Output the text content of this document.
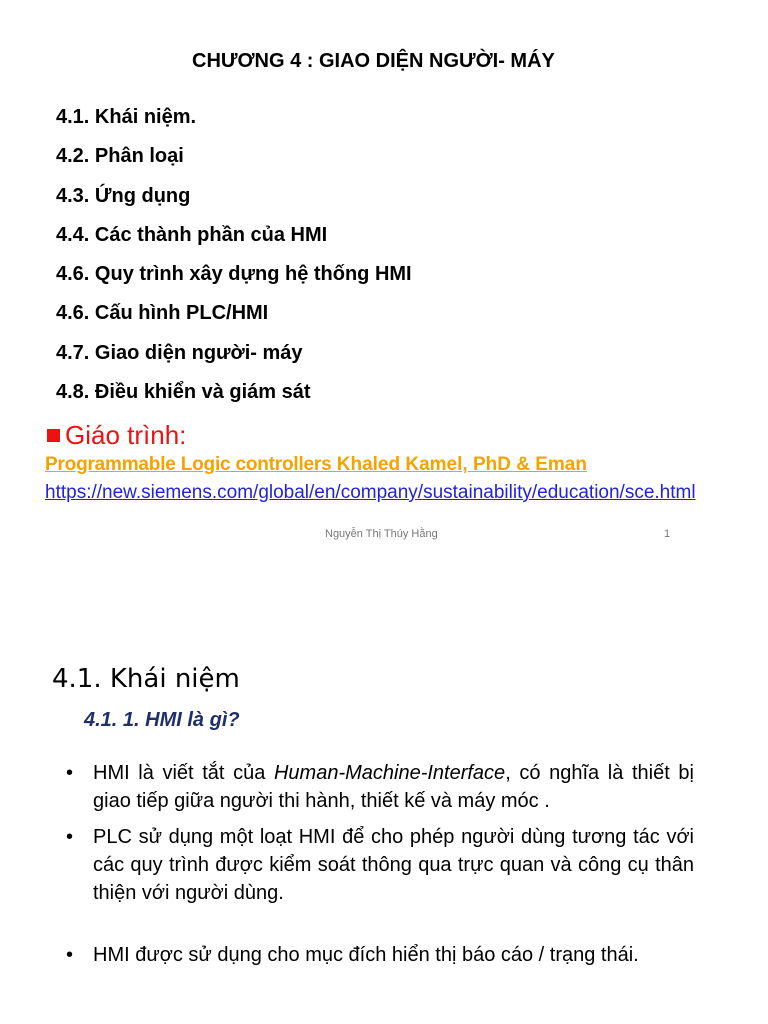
CHƯƠNG 4 : GIAO DIỆN NGƯỜI- MÁY
4.1. Khái niệm.
4.2. Phân loại
4.3. Ứng dụng
4.4. Các thành phần của HMI
4.6. Quy trình xây dựng hệ thống HMI
4.6. Cấu hình PLC/HMI
4.7. Giao diện người- máy
4.8. Điều khiển và giám sát
Giáo trình:
Programmable Logic controllers Khaled Kamel, PhD & Eman
https://new.siemens.com/global/en/company/sustainability/education/sce.html
Nguyễn Thị Thúy Hằng	1
4.1. Khái niệm
4.1. 1. HMI là gì?
• HMI là viết tắt của Human-Machine-Interface, có nghĩa là thiết bị giao tiếp giữa người thi hành, thiết kế và máy móc .
• PLC sử dụng một loạt HMI để cho phép người dùng tương tác với các quy trình được kiểm soát thông qua trực quan và công cụ thân thiện với người dùng.
• HMI được sử dụng cho mục đích hiển thị báo cáo / trạng thái.
